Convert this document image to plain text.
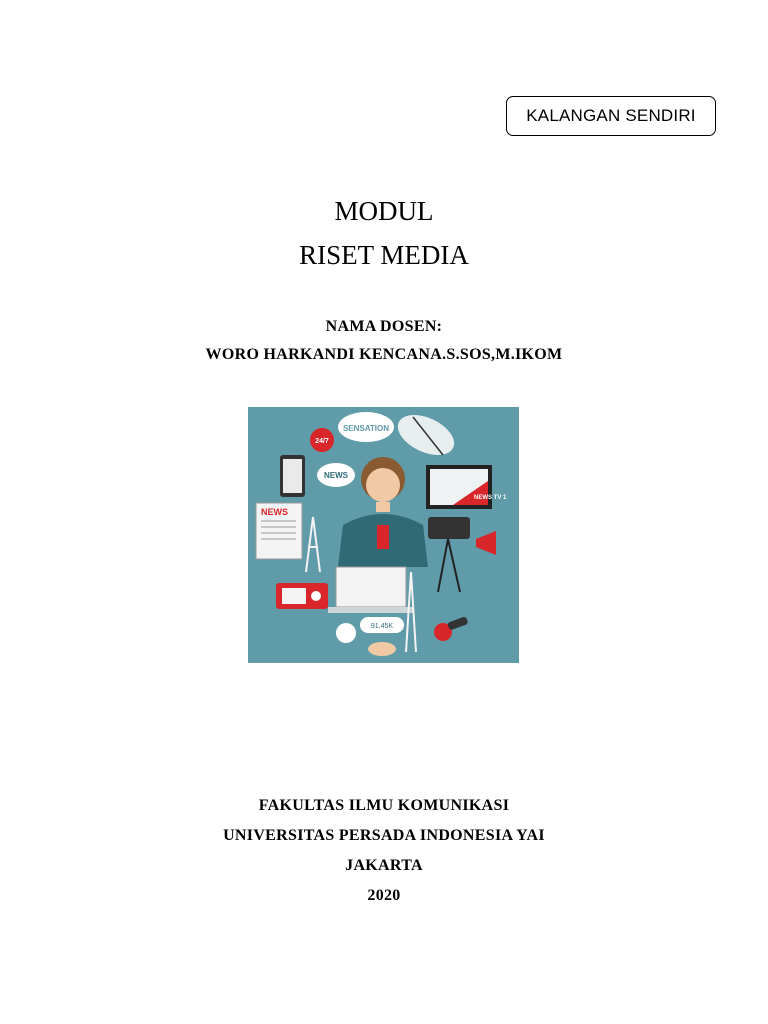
KALANGAN SENDIRI
MODUL
RISET MEDIA
NAMA DOSEN:
WORO HARKANDI KENCANA.S.SOS,M.IKOM
SENSATION
24/7
NEWS
NEWS
NEWS TV 1
91.45K
FAKULTAS ILMU KOMUNIKASI
UNIVERSITAS PERSADA INDONESIA YAI
JAKARTA
2020
